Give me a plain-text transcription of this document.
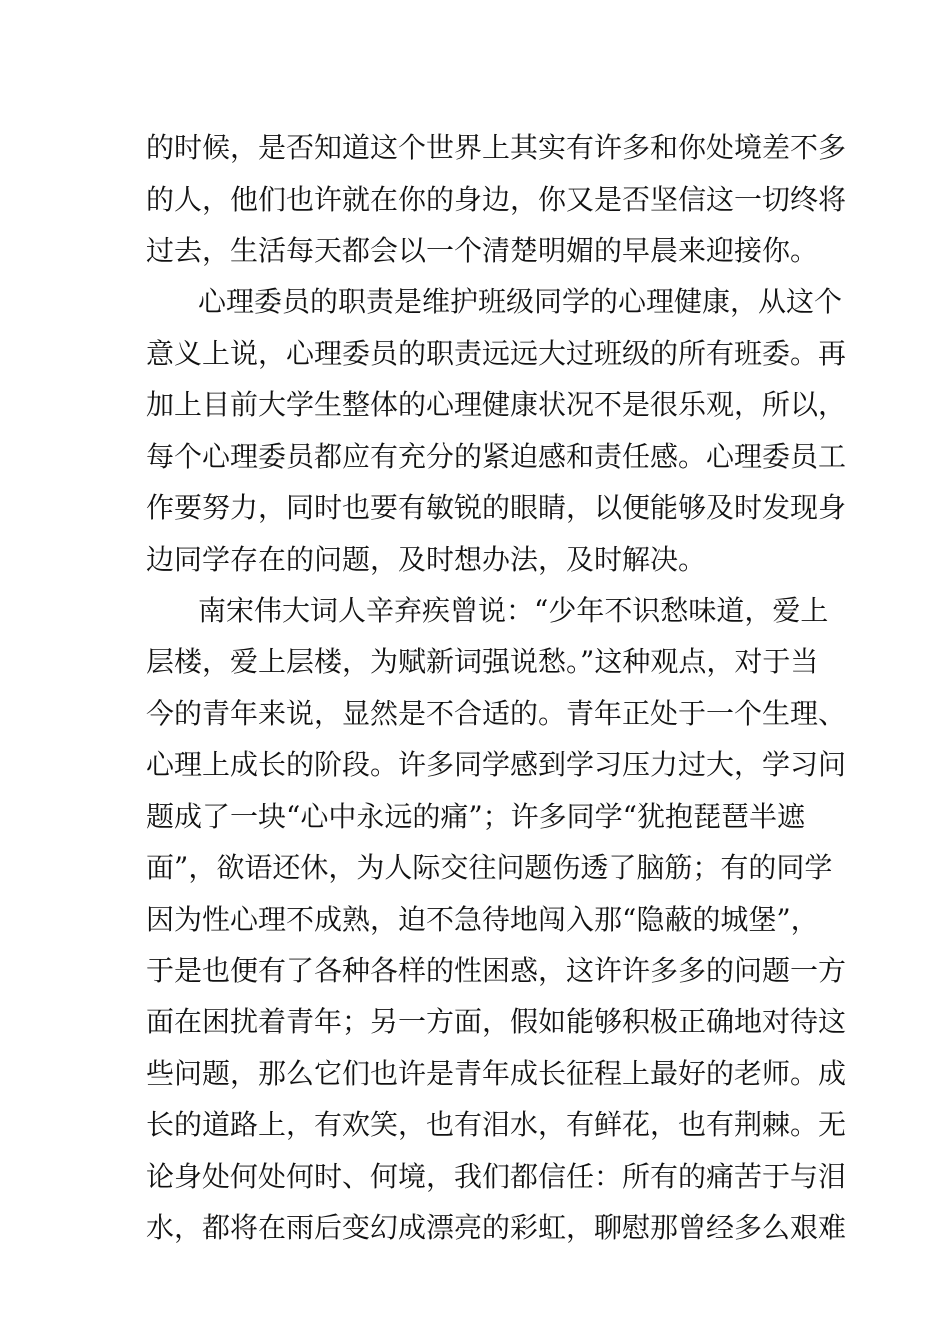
的时候，是否知道这个世界上其实有许多和你处境差不多
的人，他们也许就在你的身边，你又是否坚信这一切终将
过去，生活每天都会以一个清楚明媚的早晨来迎接你。
心理委员的职责是维护班级同学的心理健康，从这个
意义上说，心理委员的职责远远大过班级的所有班委。再
加上目前大学生整体的心理健康状况不是很乐观，所以，
每个心理委员都应有充分的紧迫感和责任感。心理委员工
作要努力，同时也要有敏锐的眼睛，以便能够及时发现身
边同学存在的问题，及时想办法，及时解决。
南宋伟大词人辛弃疾曾说：“少年不识愁味道，爱上
层楼，爱上层楼，为赋新词强说愁。”这种观点，对于当
今的青年来说，显然是不合适的。青年正处于一个生理、
心理上成长的阶段。许多同学感到学习压力过大，学习问
题成了一块“心中永远的痛”；许多同学“犹抱琵琶半遮
面”，欲语还休，为人际交往问题伤透了脑筋；有的同学
因为性心理不成熟，迫不急待地闯入那“隐蔽的城堡”，
于是也便有了各种各样的性困惑，这许许多多的问题一方
面在困扰着青年；另一方面，假如能够积极正确地对待这
些问题，那么它们也许是青年成长征程上最好的老师。成
长的道路上，有欢笑，也有泪水，有鲜花，也有荆棘。无
论身处何处何时、何境，我们都信任：所有的痛苦于与泪
水，都将在雨后变幻成漂亮的彩虹，聊慰那曾经多么艰难
